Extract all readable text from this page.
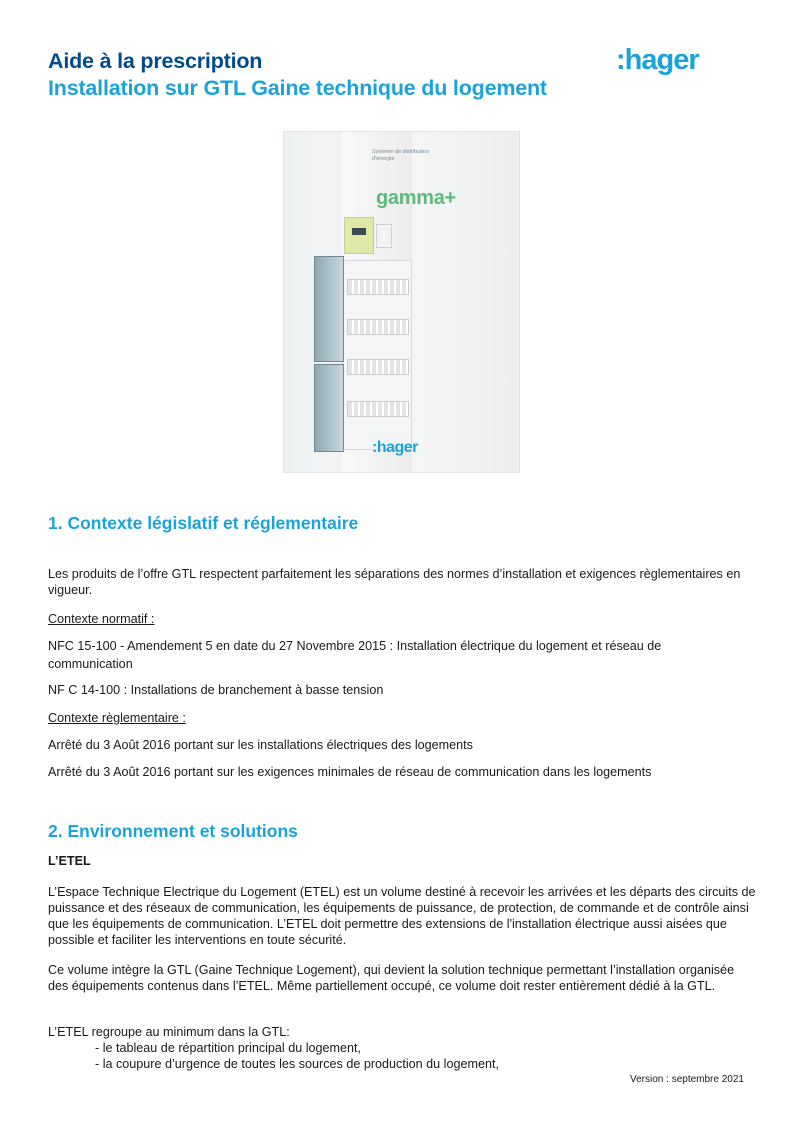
Aide à la prescription
Installation sur GTL Gaine technique du logement
:hager
Système de distribution d'énergie
gamma+
:hager
1. Contexte législatif et réglementaire
Les produits de l’offre GTL respectent parfaitement les séparations des normes d’installation et exigences règlementaires en vigueur.
Contexte normatif :
NFC 15-100 - Amendement 5 en date du 27 Novembre 2015 : Installation électrique du logement et réseau de communication
NF C 14-100 : Installations de branchement à basse tension
Contexte règlementaire :
Arrêté du 3 Août 2016 portant sur les installations électriques des logements
Arrêté du 3 Août 2016 portant sur les exigences minimales de réseau de communication dans les logements
2. Environnement et solutions
L’ETEL
L’Espace Technique Electrique du Logement (ETEL) est un volume destiné à recevoir les arrivées et les départs des circuits de puissance et des réseaux de communication, les équipements de puissance, de protection, de commande et de contrôle ainsi que les équipements de communication. L’ETEL doit permettre des extensions de l'installation électrique aussi aisées que possible et faciliter les interventions en toute sécurité.
Ce volume intègre la GTL (Gaine Technique Logement), qui devient la solution technique permettant l’installation organisée des équipements contenus dans l’ETEL. Même partiellement occupé, ce volume doit rester entièrement dédié à la GTL.
L’ETEL regroupe au minimum dans la GTL:
- le tableau de répartition principal du logement,
- la coupure d’urgence de toutes les sources de production du logement,
Version : septembre 2021
